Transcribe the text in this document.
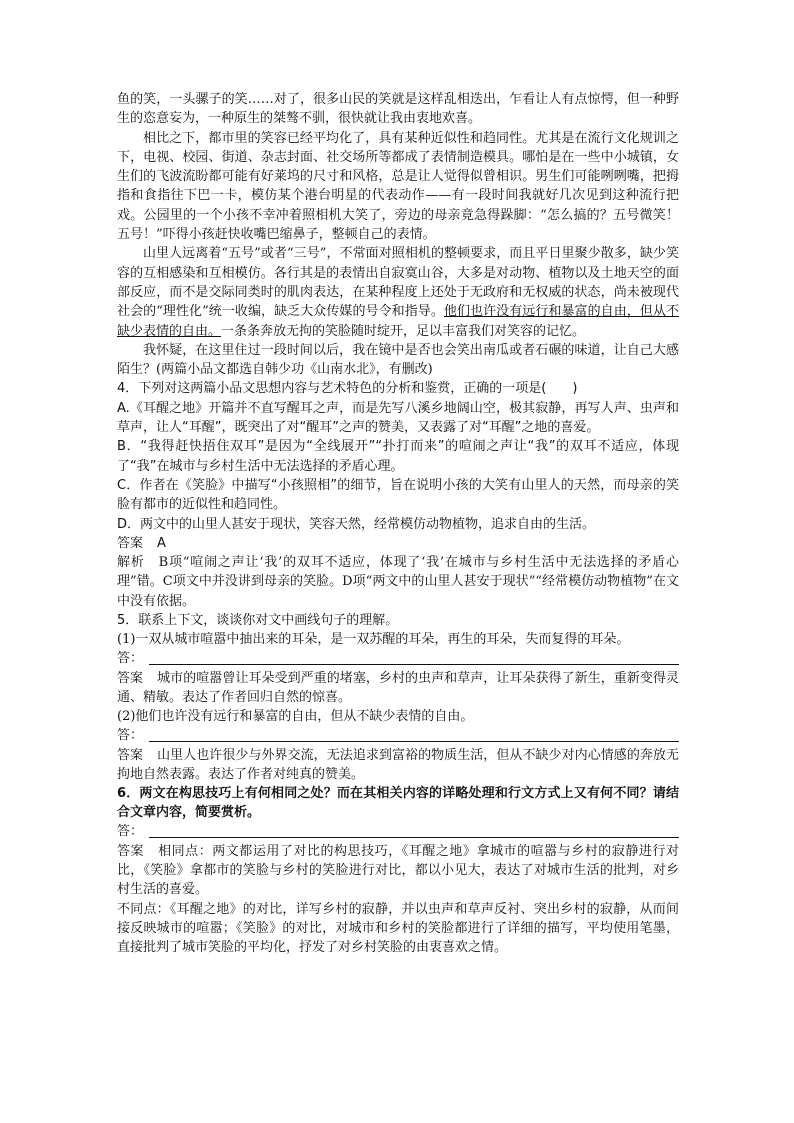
鱼的笑，一头骡子的笑……对了，很多山民的笑就是这样乱相迭出，乍看让人有点惊愕，但一种野生的恣意妄为，一种原生的桀骜不驯，很快就让我由衷地欢喜。

相比之下，都市里的笑容已经平均化了，具有某种近似性和趋同性。尤其是在流行文化规训之下，电视、校园、街道、杂志封面、社交场所等都成了表情制造模具。哪怕是在一些中小城镇，女生们的飞波流盼都可能有好莱坞的尺寸和风格，总是让人觉得似曾相识。男生们可能咧咧嘴，把拇指和食指往下巴一卡，模仿某个港台明星的代表动作——有一段时间我就好几次见到这种流行把戏。公园里的一个小孩不幸冲着照相机大笑了，旁边的母亲竟急得跺脚：“怎么搞的？五号微笑！五号！”吓得小孩赶快收嘴巴缩鼻子，整顿自己的表情。

山里人远离着“五号”或者“三号”，不常面对照相机的整顿要求，而且平日里聚少散多，缺少笑容的互相感染和互相模仿。各行其是的表情出自寂寞山谷，大多是对动物、植物以及土地天空的面部反应，而不是交际同类时的肌肉表达，在某种程度上还处于无政府和无权威的状态，尚未被现代社会的“理性化”统一收编，缺乏大众传媒的号令和指导。他们也许没有远行和暴富的自由，但从不缺少表情的自由。一条条奔放无拘的笑脸随时绽开，足以丰富我们对笑容的记忆。

我怀疑，在这里住过一段时间以后，我在镜中是否也会笑出南瓜或者石碾的味道，让自己大感陌生？(两篇小品文都选自韩少功《山南水北》，有删改)

4．下列对这两篇小品文思想内容与艺术特色的分析和鉴赏，正确的一项是(　　)

A.《耳醒之地》开篇并不直写醒耳之声，而是先写八溪乡地阔山空，极其寂静，再写人声、虫声和草声，让人“耳醒”，既突出了对“醒耳”之声的赞美，又表露了对“耳醒”之地的喜爱。

B．“我得赶快捂住双耳”是因为“全线展开”“扑打而来”的喧闹之声让“我”的双耳不适应，体现了“我”在城市与乡村生活中无法选择的矛盾心理。

C．作者在《笑脸》中描写“小孩照相”的细节，旨在说明小孩的大笑有山里人的天然，而母亲的笑脸有都市的近似性和趋同性。

D．两文中的山里人甚安于现状，笑容天然，经常模仿动物植物，追求自由的生活。

答案 A

解析 B项“喧闹之声让‘我’的双耳不适应，体现了‘我’在城市与乡村生活中无法选择的矛盾心理”错。C项文中并没讲到母亲的笑脸。D项“两文中的山里人甚安于现状”“经常模仿动物植物”在文中没有依据。

5．联系上下文，谈谈你对文中画线句子的理解。

(1)一双从城市喧嚣中抽出来的耳朵，是一双苏醒的耳朵，再生的耳朵，失而复得的耳朵。

答：

答案 城市的喧嚣曾让耳朵受到严重的堵塞，乡村的虫声和草声，让耳朵获得了新生，重新变得灵通、精敏。表达了作者回归自然的惊喜。

(2)他们也许没有远行和暴富的自由，但从不缺少表情的自由。

答：

答案 山里人也许很少与外界交流，无法追求到富裕的物质生活，但从不缺少对内心情感的奔放无拘地自然表露。表达了作者对纯真的赞美。

6．两文在构思技巧上有何相同之处？而在其相关内容的详略处理和行文方式上又有何不同？请结合文章内容，简要赏析。

答：

答案 相同点：两文都运用了对比的构思技巧，《耳醒之地》拿城市的喧嚣与乡村的寂静进行对比，《笑脸》拿都市的笑脸与乡村的笑脸进行对比，都以小见大，表达了对城市生活的批判，对乡村生活的喜爱。

不同点：《耳醒之地》的对比，详写乡村的寂静，并以虫声和草声反衬、突出乡村的寂静，从而间接反映城市的喧嚣；《笑脸》的对比，对城市和乡村的笑脸都进行了详细的描写，平均使用笔墨，直接批判了城市笑脸的平均化，抒发了对乡村笑脸的由衷喜欢之情。
